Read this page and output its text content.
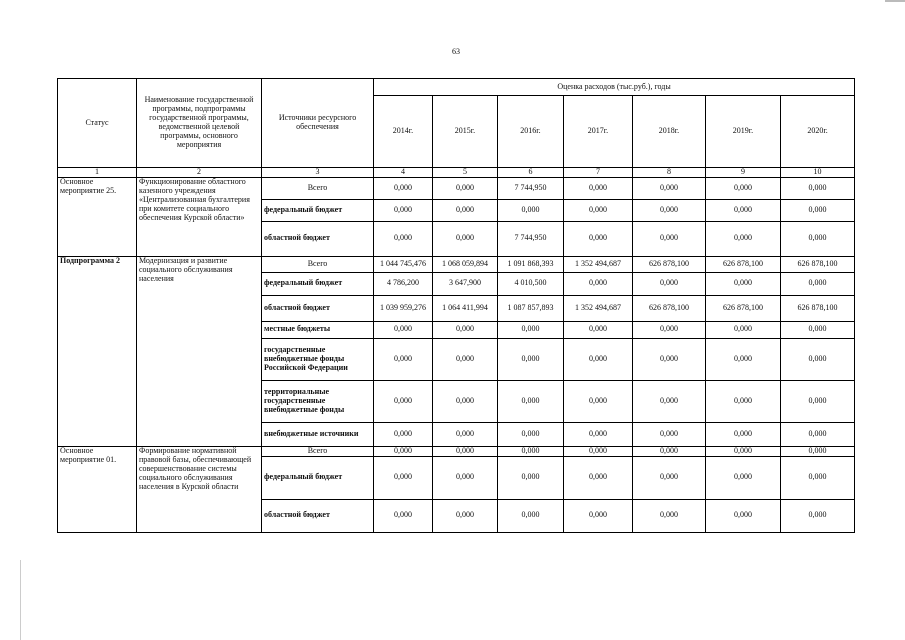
63
Статус	Наименование государственной программы, подпрограммы государственной программы, ведомственной целевой программы, основного мероприятия	Источники ресурсного обеспечения	Оценка расходов (тыс.руб.), годы						
			2014г.	2015г.	2016г.	2017г.	2018г.	2019г.	2020г.
1	2	3	4	5	6	7	8	9	10
Основное мероприятие 25.	Функционирование областного казенного учреждения «Централизованная бухгалтерия при комитете социального обеспечения Курской области»	Всего	0,000	0,000	7 744,950	0,000	0,000	0,000	0,000
		федеральный бюджет	0,000	0,000	0,000	0,000	0,000	0,000	0,000
		областной бюджет	0,000	0,000	7 744,950	0,000	0,000	0,000	0,000
Подпрограмма 2	Модернизация и развитие социального обслуживания населения	Всего	1 044 745,476	1 068 059,894	1 091 868,393	1 352 494,687	626 878,100	626 878,100	626 878,100
		федеральный бюджет	4 786,200	3 647,900	4 010,500	0,000	0,000	0,000	0,000
		областной бюджет	1 039 959,276	1 064 411,994	1 087 857,893	1 352 494,687	626 878,100	626 878,100	626 878,100
		местные бюджеты	0,000	0,000	0,000	0,000	0,000	0,000	0,000
		государственные внебюджетные фонды Российской Федерации	0,000	0,000	0,000	0,000	0,000	0,000	0,000
		территориальные государственные внебюджетные фонды	0,000	0,000	0,000	0,000	0,000	0,000	0,000
		внебюджетные источники	0,000	0,000	0,000	0,000	0,000	0,000	0,000
Основное мероприятие 01.	Формирование нормативной правовой базы, обеспечивающей совершенствование системы социального обслуживания населения в Курской области	Всего	0,000	0,000	0,000	0,000	0,000	0,000	0,000
		федеральный бюджет	0,000	0,000	0,000	0,000	0,000	0,000	0,000
		областной бюджет	0,000	0,000	0,000	0,000	0,000	0,000	0,000
